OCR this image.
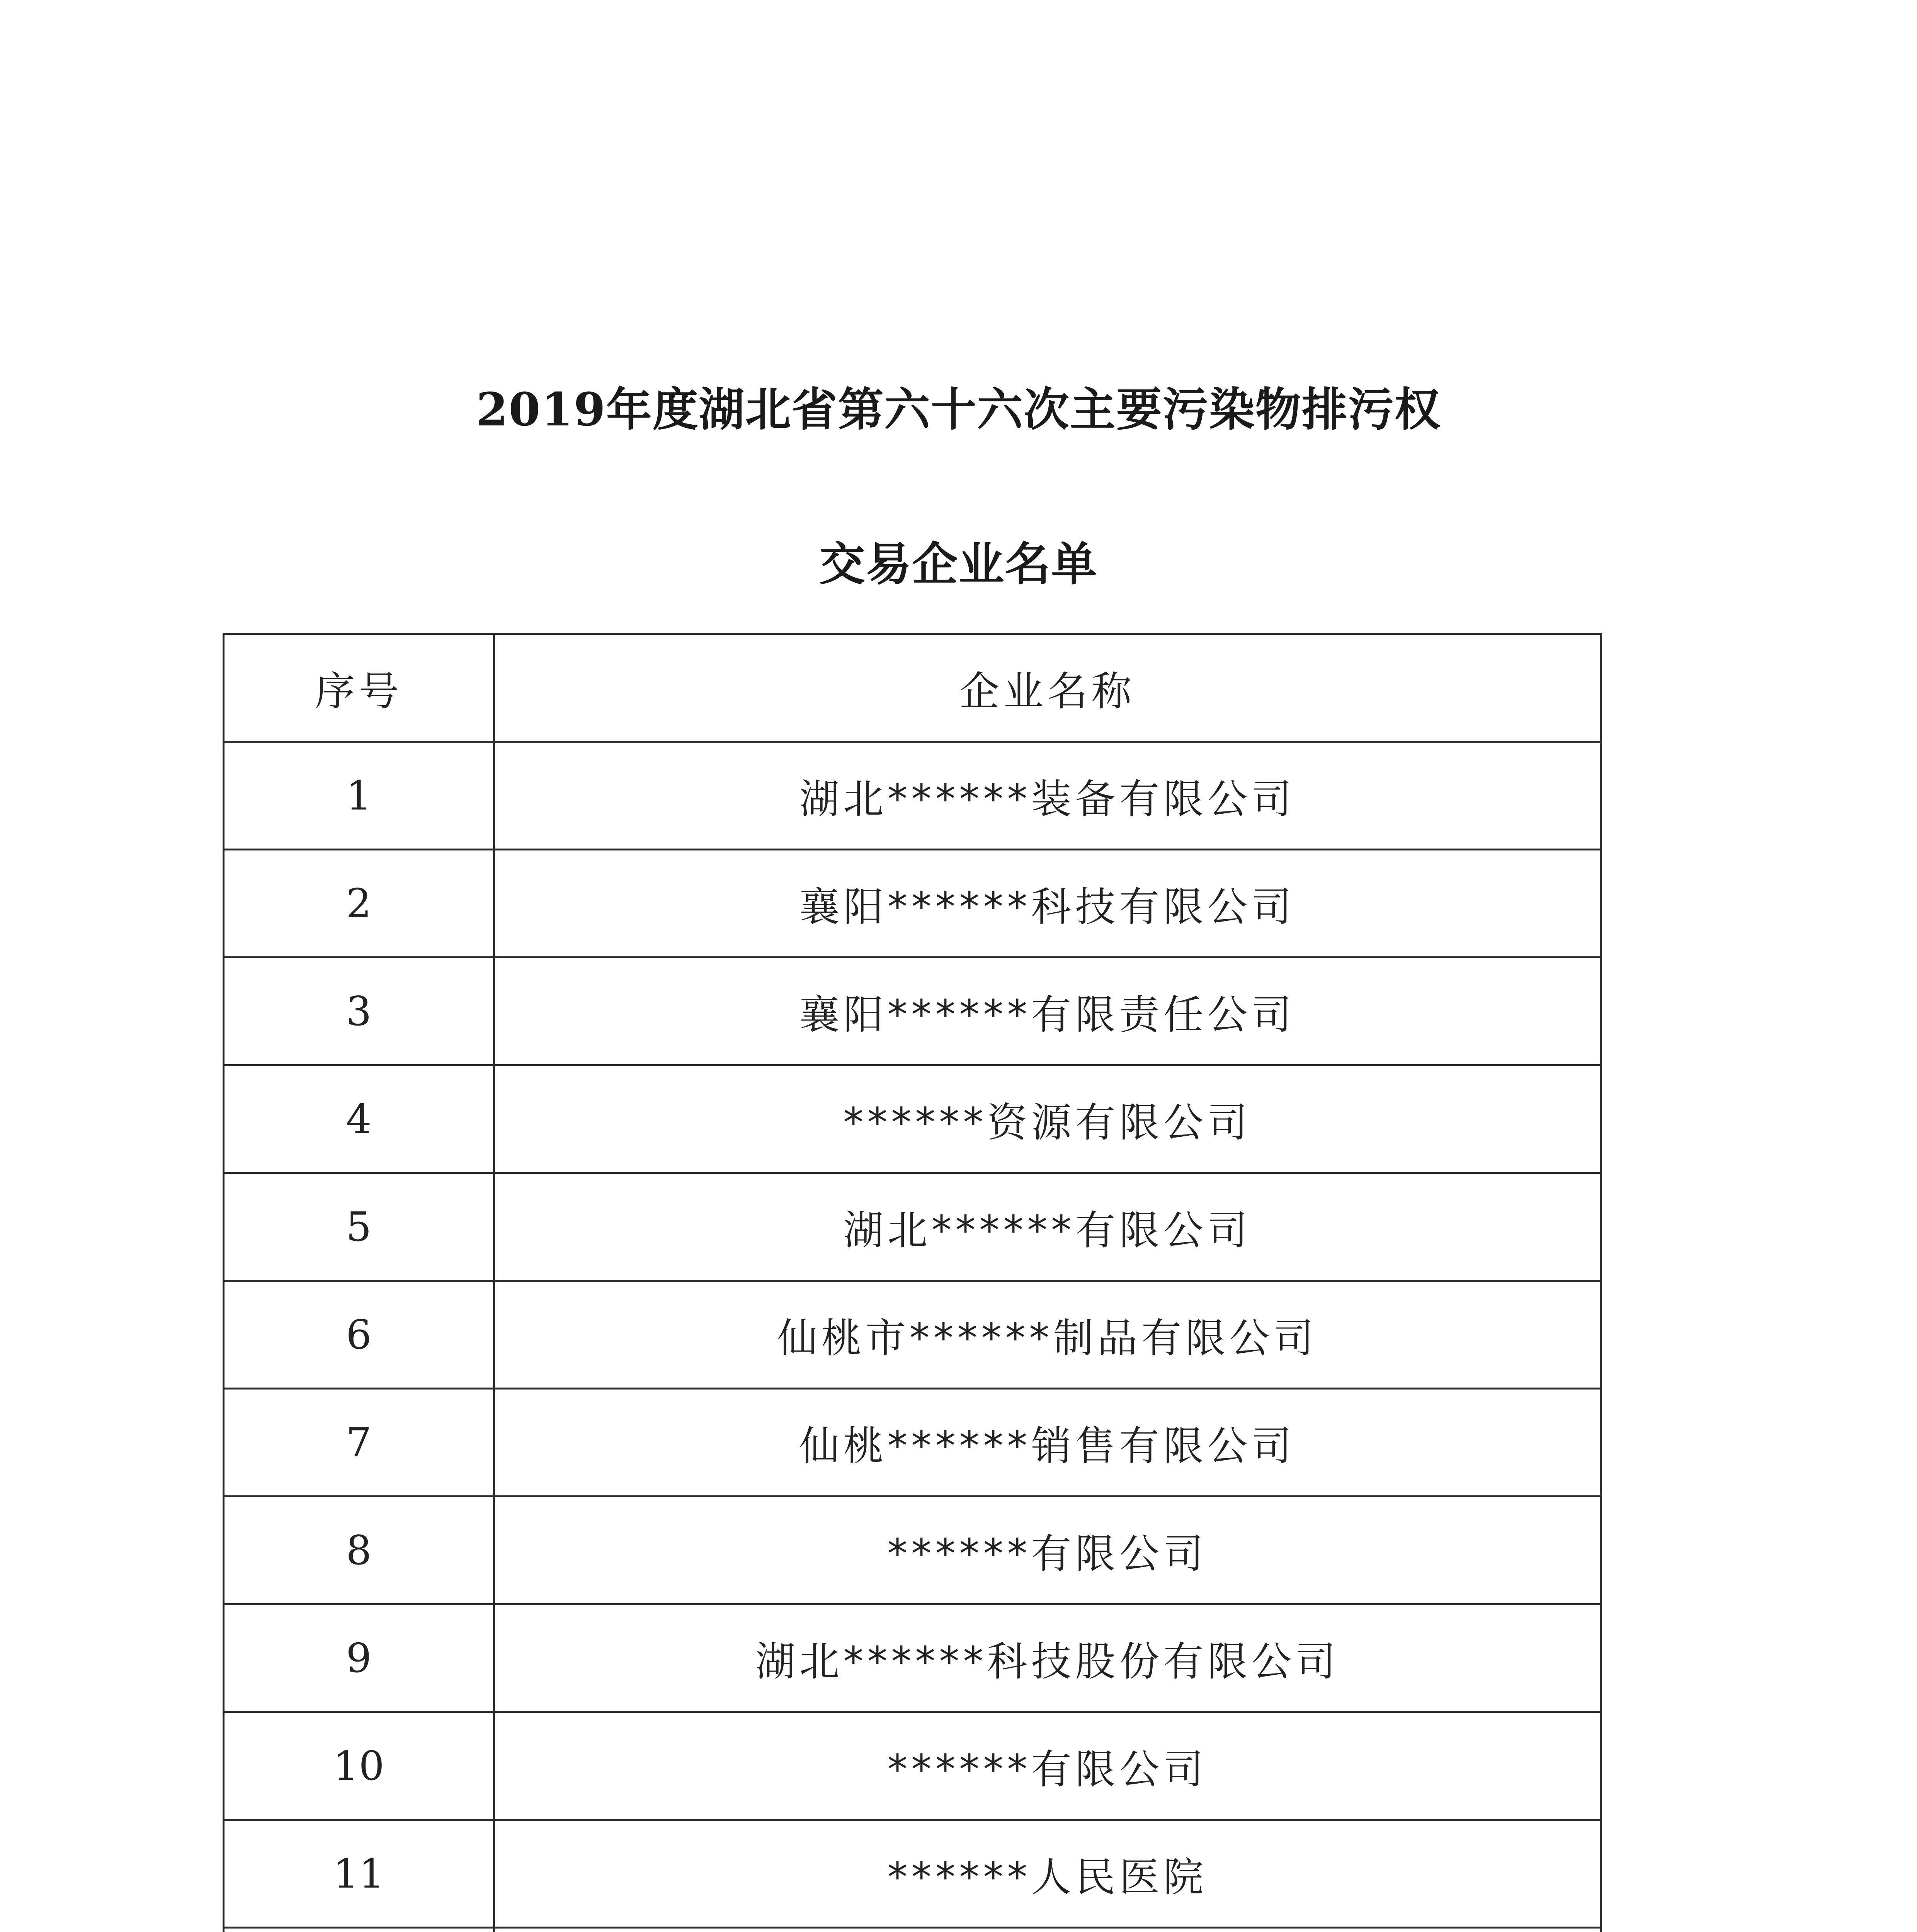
2019年度湖北省第六十六次主要污染物排污权
交易企业名单
序号	企业名称
1	湖北******装备有限公司
2	襄阳******科技有限公司
3	襄阳******有限责任公司
4	******资源有限公司
5	湖北******有限公司
6	仙桃市******制品有限公司
7	仙桃******销售有限公司
8	******有限公司
9	湖北******科技股份有限公司
10	******有限公司
11	******人民医院
